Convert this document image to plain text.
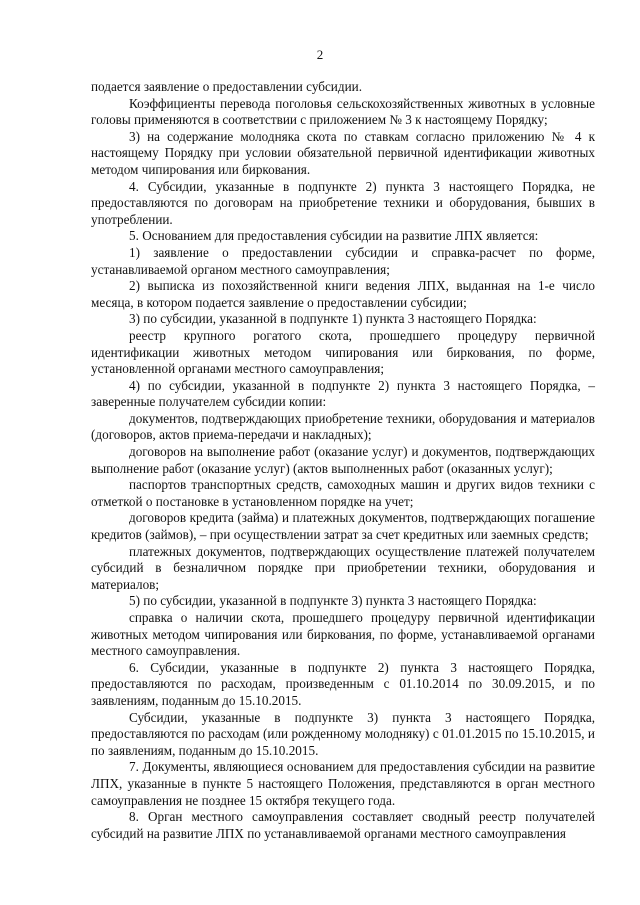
2

подается заявление о предоставлении субсидии.

Коэффициенты перевода поголовья сельскохозяйственных животных в условные головы применяются в соответствии с приложением № 3 к настоящему Порядку;

3) на содержание молодняка скота по ставкам согласно приложению № 4 к настоящему Порядку при условии обязательной первичной идентификации животных методом чипирования или биркования.

4. Субсидии, указанные в подпункте 2) пункта 3 настоящего Порядка, не предоставляются по договорам на приобретение техники и оборудования, бывших в употреблении.

5. Основанием для предоставления субсидии на развитие ЛПХ является:

1) заявление о предоставлении субсидии и справка-расчет по форме, устанавливаемой органом местного самоуправления;

2) выписка из похозяйственной книги ведения ЛПХ, выданная на 1-е число месяца, в котором подается заявление о предоставлении субсидии;

3) по субсидии, указанной в подпункте 1) пункта 3 настоящего Порядка:

реестр крупного рогатого скота, прошедшего процедуру первичной идентификации животных методом чипирования или биркования, по форме, установленной органами местного самоуправления;

4) по субсидии, указанной в подпункте 2) пункта 3 настоящего Порядка, – заверенные получателем субсидии копии:

документов, подтверждающих приобретение техники, оборудования и материалов (договоров, актов приема-передачи и накладных);

договоров на выполнение работ (оказание услуг) и документов, подтверждающих выполнение работ (оказание услуг) (актов выполненных работ (оказанных услуг);

паспортов транспортных средств, самоходных машин и других видов техники с отметкой о постановке в установленном порядке на учет;

договоров кредита (займа) и платежных документов, подтверждающих погашение кредитов (займов), – при осуществлении затрат за счет кредитных или заемных средств;

платежных документов, подтверждающих осуществление платежей получателем субсидий в безналичном порядке при приобретении техники, оборудования и материалов;

5) по субсидии, указанной в подпункте 3) пункта 3 настоящего Порядка:

справка о наличии скота, прошедшего процедуру первичной идентификации животных методом чипирования или биркования, по форме, устанавливаемой органами местного самоуправления.

6. Субсидии, указанные в подпункте 2) пункта 3 настоящего Порядка, предоставляются по расходам, произведенным с 01.10.2014 по 30.09.2015, и по заявлениям, поданным до 15.10.2015.

Субсидии, указанные в подпункте 3) пункта 3 настоящего Порядка, предоставляются по расходам (или рожденному молодняку) с 01.01.2015 по 15.10.2015, и по заявлениям, поданным до 15.10.2015.

7. Документы, являющиеся основанием для предоставления субсидии на развитие ЛПХ, указанные в пункте 5 настоящего Положения, представляются в орган местного самоуправления не позднее 15 октября текущего года.

8. Орган местного самоуправления составляет сводный реестр получателей субсидий на развитие ЛПХ по устанавливаемой органами местного самоуправления
